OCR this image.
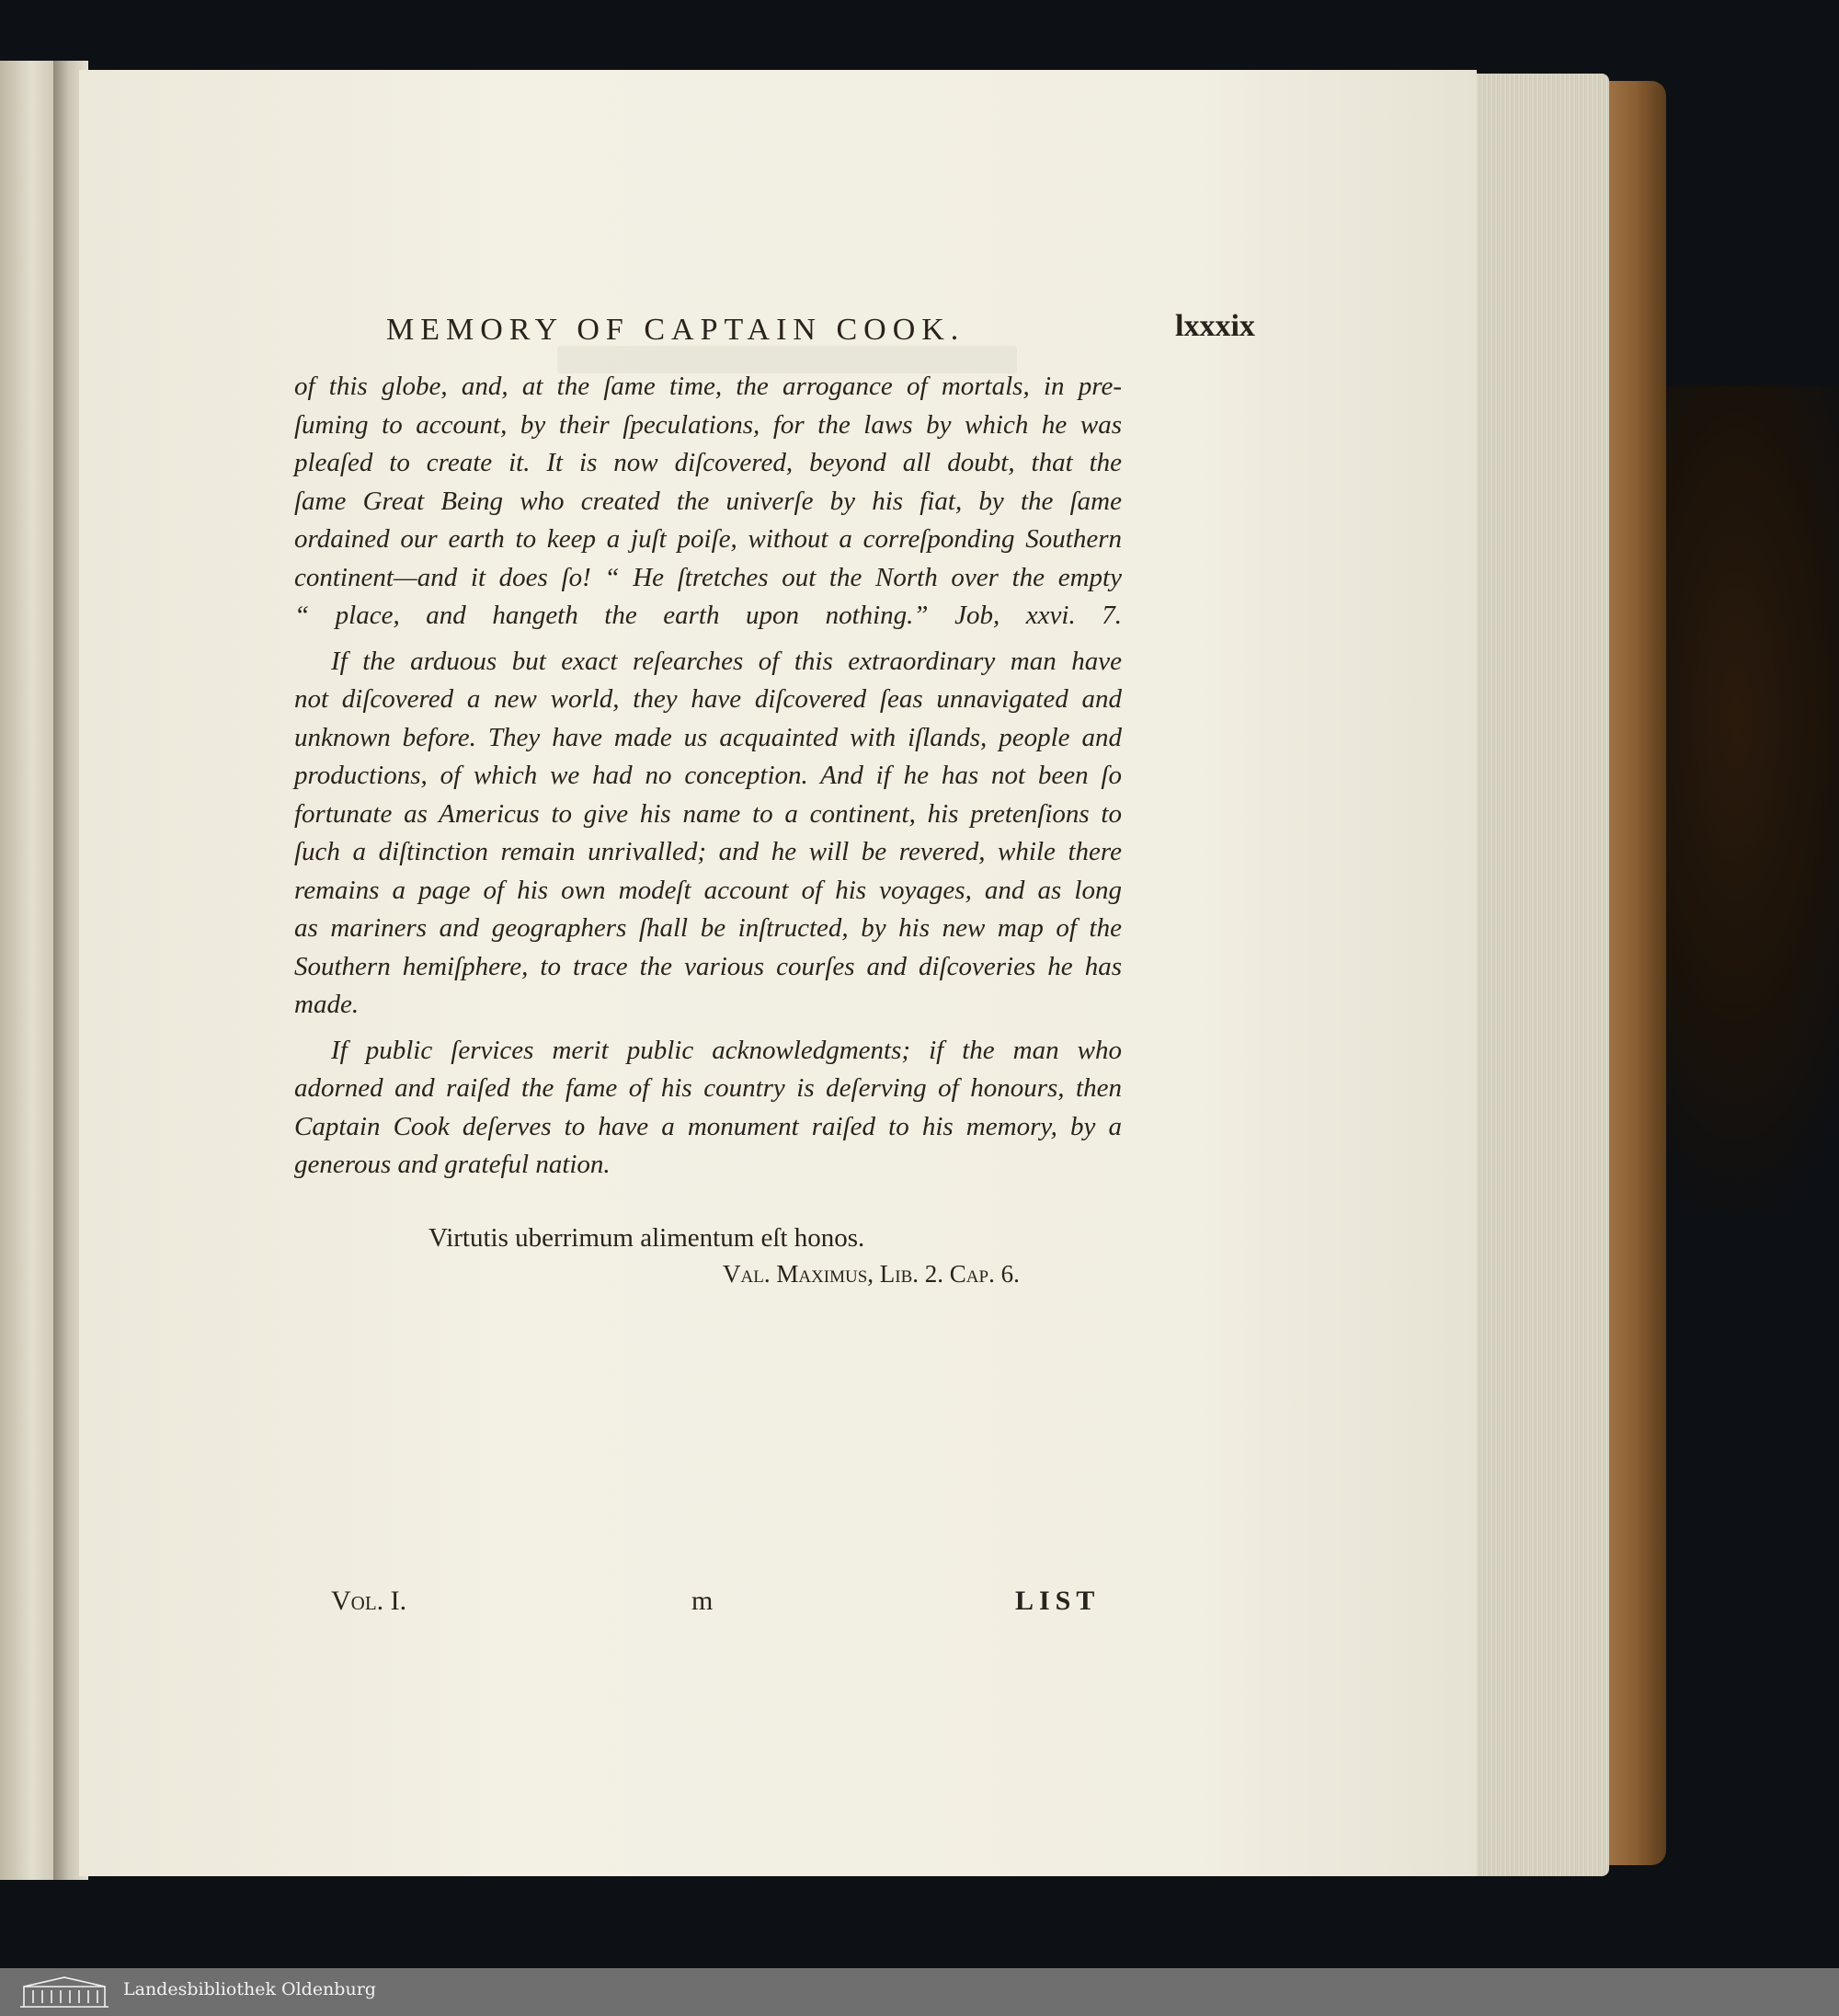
MEMORY OF CAPTAIN COOK.	lxxxix
of this globe, and, at the ſame time, the arrogance of mortals, in pre-
ſuming to account, by their ſpeculations, for the laws by which he was
pleaſed to create it. It is now diſcovered, beyond all doubt, that the
ſame Great Being who created the univerſe by his fiat, by the ſame
ordained our earth to keep a juſt poiſe, without a correſponding Southern
continent—and it does ſo! “ He ſtretches out the North over the empty
“ place, and hangeth the earth upon nothing.” Job, xxvi. 7.
If the arduous but exact reſearches of this extraordinary man have
not diſcovered a new world, they have diſcovered ſeas unnavigated and
unknown before. They have made us acquainted with iſlands, people and
productions, of which we had no conception. And if he has not been ſo
fortunate as Americus to give his name to a continent, his pretenſions to
ſuch a diſtinction remain unrivalled; and he will be revered, while there
remains a page of his own modeſt account of his voyages, and as long
as mariners and geographers ſhall be inſtructed, by his new map of the
Southern hemiſphere, to trace the various courſes and diſcoveries he has
made.
If public ſervices merit public acknowledgments; if the man who
adorned and raiſed the fame of his country is deſerving of honours, then
Captain Cook deſerves to have a monument raiſed to his memory, by a
generous and grateful nation.
Virtutis uberrimum alimentum eſt honos.
Val. Maximus, Lib. 2. Cap. 6.
Vol. I.	m	LIST
Landesbibliothek Oldenburg
